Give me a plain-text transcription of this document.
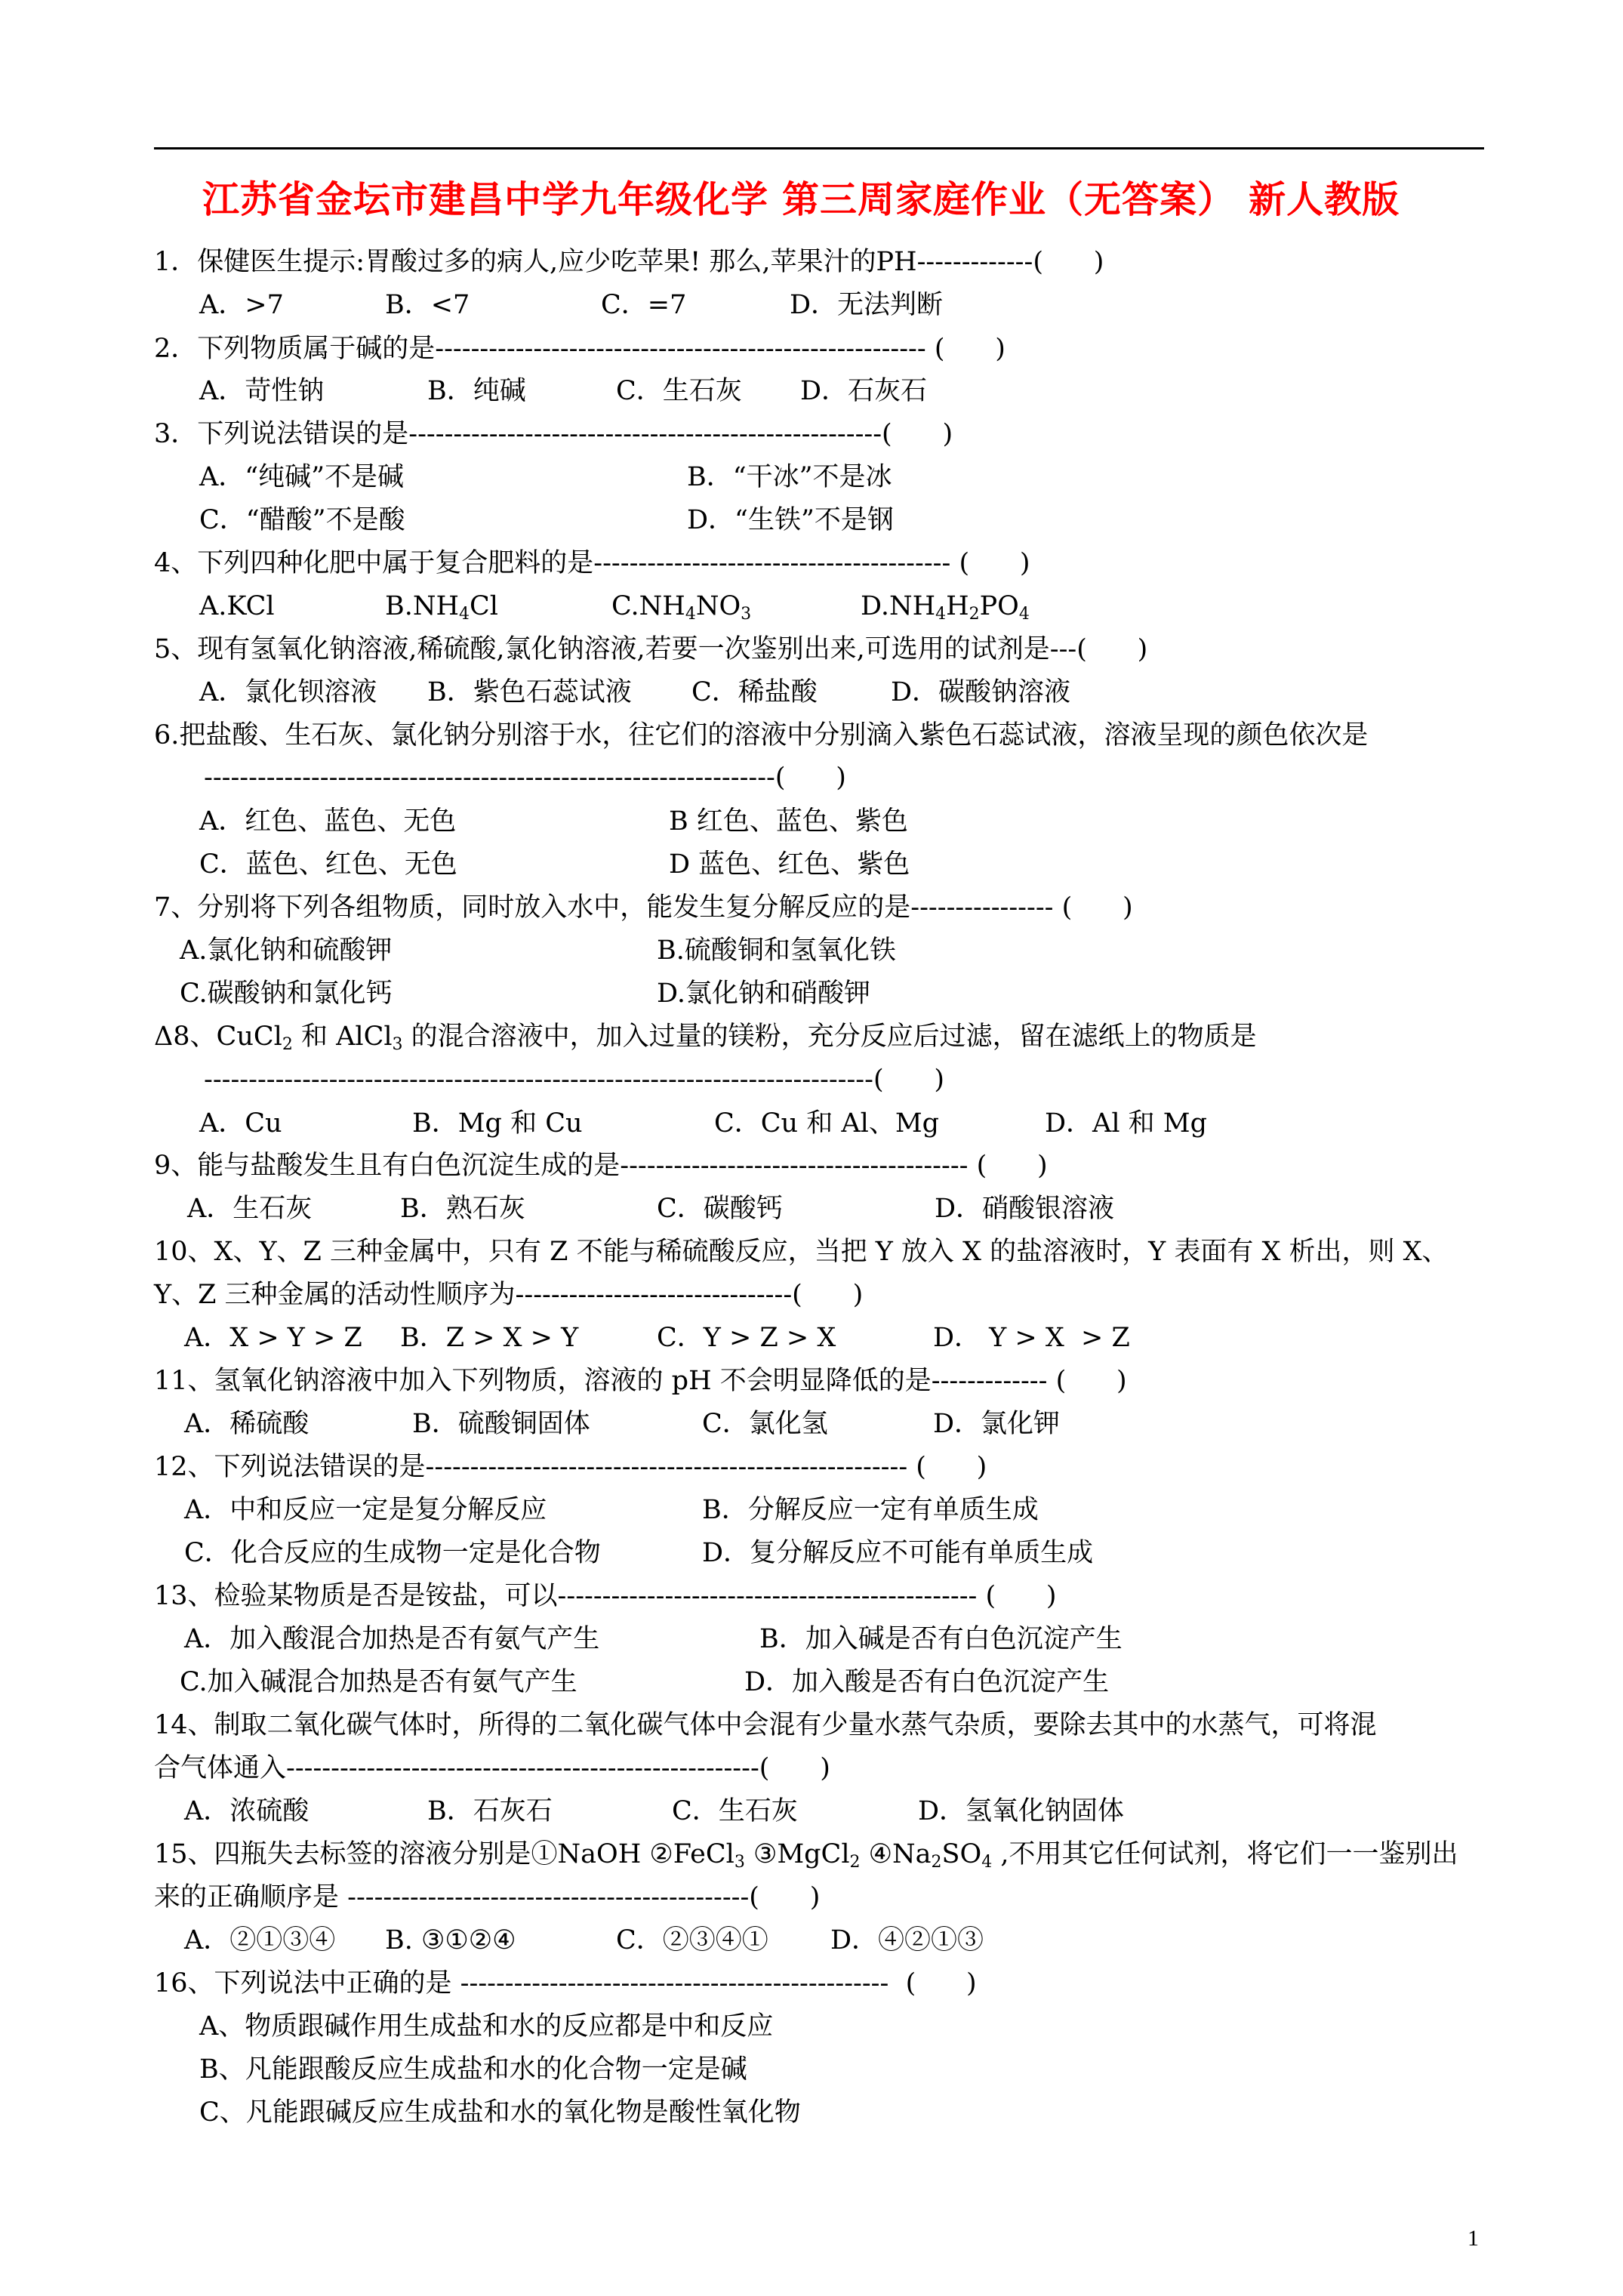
江苏省金坛市建昌中学九年级化学 第三周家庭作业（无答案） 新人教版
1．保健医生提示:胃酸过多的病人,应少吃苹果! 那么,苹果汁的PH-------------(      )
A．>7	B．<7	C．=7	D．无法判断
2．下列物质属于碱的是------------------------------------------------------- (      )
A．苛性钠	B．纯碱	C．生石灰 D．石灰石
3．下列说法错误的是-----------------------------------------------------(      )
A．“纯碱”不是碱	B．“干冰”不是冰
C．“醋酸”不是酸	D．“生铁”不是钢
4、下列四种化肥中属于复合肥料的是---------------------------------------- (      )
A.KCl	$B.NH_4Cl$	$C.NH_4NO_3$	$D.NH_4H_2PO_4$
5、现有氢氧化钠溶液,稀硫酸,氯化钠溶液,若要一次鉴别出来,可选用的试剂是---(      )
A．氯化钡溶液 B．紫色石蕊试液 C．稀盐酸	D．碳酸钠溶液
6.把盐酸、生石灰、氯化钠分别溶于水，往它们的溶液中分别滴入紫色石蕊试液，溶液呈现的颜色依次是
----------------------------------------------------------------(      )
A．红色、蓝色、无色	B 红色、蓝色、紫色
C．蓝色、红色、无色	D 蓝色、红色、紫色
7、分别将下列各组物质，同时放入水中，能发生复分解反应的是---------------- (      )
A.氯化钠和硫酸钾	B.硫酸铜和氢氧化铁
C.碳酸钠和氯化钙	D.氯化钠和硝酸钾
Δ8、CuCl$_2$ 和 AlCl$_3$ 的混合溶液中，加入过量的镁粉，充分反应后过滤，留在滤纸上的物质是
---------------------------------------------------------------------------(      )
A．Cu	B．Mg 和 Cu	C．Cu 和 Al、Mg	D．Al 和 Mg
9、能与盐酸发生且有白色沉淀生成的是--------------------------------------- (      )
A．生石灰	B．熟石灰	C．碳酸钙	D．硝酸银溶液
10、X、Y、Z 三种金属中，只有 Z 不能与稀硫酸反应，当把 Y 放入 X 的盐溶液时，Y 表面有 X 析出，则 X、
Y、Z 三种金属的活动性顺序为-------------------------------(      )
A．X > Y > Z B．Z > X > Y	C．Y > Z > X	D． Y > X  > Z
11、氢氧化钠溶液中加入下列物质，溶液的 pH 不会明显降低的是------------- (      )
A．稀硫酸	B．硫酸铜固体	C．氯化氢	D．氯化钾
12、下列说法错误的是------------------------------------------------------ (      )
A．中和反应一定是复分解反应	B．分解反应一定有单质生成
C．化合反应的生成物一定是化合物	D．复分解反应不可能有单质生成
13、检验某物质是否是铵盐，可以----------------------------------------------- (      )
A．加入酸混合加热是否有氨气产生	B．加入碱是否有白色沉淀产生
C.加入碱混合加热是否有氨气产生	D．加入酸是否有白色沉淀产生
14、制取二氧化碳气体时，所得的二氧化碳气体中会混有少量水蒸气杂质，要除去其中的水蒸气，可将混
合气体通入-----------------------------------------------------(      )
A．浓硫酸	B．石灰石	C．生石灰	D．氢氧化钠固体
15、四瓶失去标签的溶液分别是①NaOH ②FeCl$_3$ ③MgCl$_2$ $④Na_2SO_4$ ,不用其它任何试剂，将它们一一鉴别出
来的正确顺序是 ---------------------------------------------(      )
A．②①③④ B. ③①②④	C．②③④① D．④②①③
16、下列说法中正确的是 ------------------------------------------------  (      )
A、物质跟碱作用生成盐和水的反应都是中和反应
B、凡能跟酸反应生成盐和水的化合物一定是碱
C、凡能跟碱反应生成盐和水的氧化物是酸性氧化物
1
